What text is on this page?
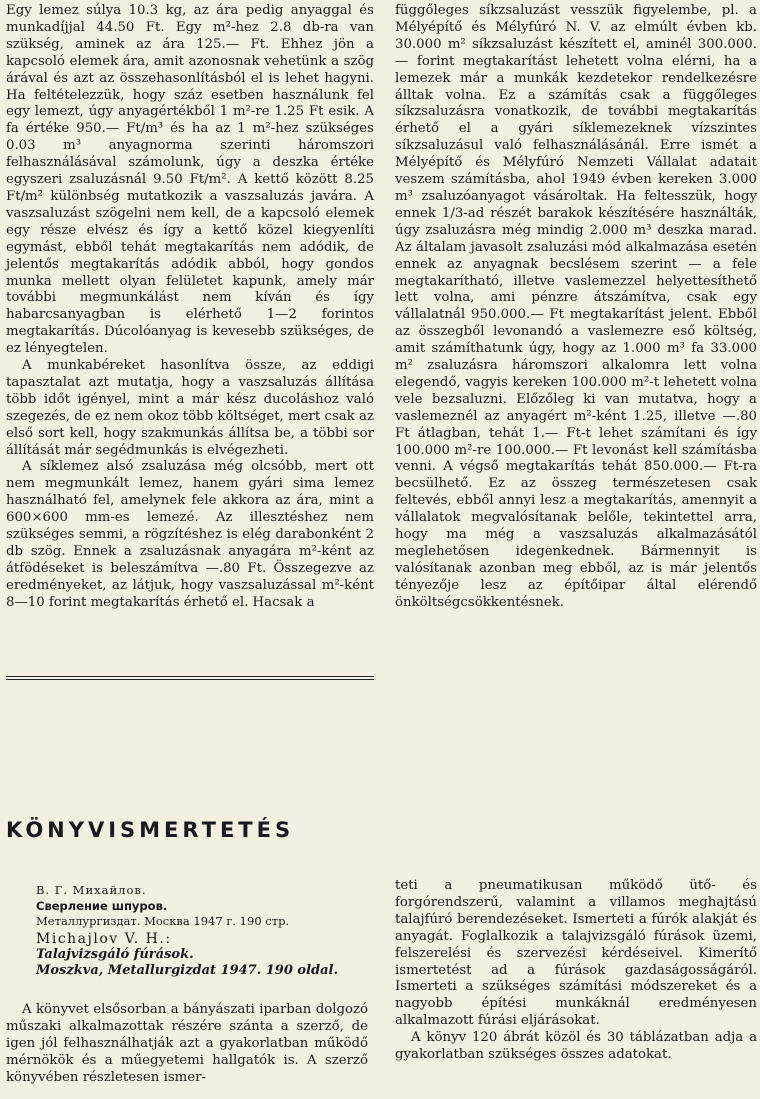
Egy lemez súlya 10.3 kg, az ára pedig anyaggal és munkadíjjal 44.50 Ft. Egy m²-hez 2.8 db-ra van szükség, aminek az ára 125.— Ft. Ehhez jön a kapcsoló elemek ára, amit azonosnak vehetünk a szög árával és azt az összehasonlításból el is lehet hagyni. Ha feltételezzük, hogy száz esetben használunk fel egy lemezt, úgy anyagértékből 1 m²-re 1.25 Ft esik. A fa értéke 950.— Ft/m³ és ha az 1 m²-hez szükséges 0.03 m³ anyagnorma szerinti háromszori felhasználásával számolunk, úgy a deszka értéke egyszeri zsaluzásnál 9.50 Ft/m². A kettő között 8.25 Ft/m² különbség mutatkozik a vaszsaluzás javára. A vaszsaluzást szögelni nem kell, de a kapcsoló elemek egy része elvész és így a kettő közel kiegyenlíti egymást, ebből tehát megtakarítás nem adódik, de jelentős megtakarítás adódik abból, hogy gondos munka mellett olyan felületet kapunk, amely már további megmunkálást nem kíván és így habarcsanyagban is elérhető 1—2 forintos megtakarítás. Dúcolóanyag is kevesebb szükséges, de ez lényegtelen.

A munkabéreket hasonlítva össze, az eddigi tapasztalat azt mutatja, hogy a vaszsaluzás állítása több időt igényel, mint a már kész ducoláshoz való szegezés, de ez nem okoz több költséget, mert csak az első sort kell, hogy szakmunkás állítsa be, a többi sor állítását már segédmunkás is elvégezheti.

A síklemez alsó zsaluzása még olcsóbb, mert ott nem megmunkált lemez, hanem gyári sima lemez használható fel, amelynek fele akkora az ára, mint a 600×600 mm-es lemezé. Az illesztéshez nem szükséges semmi, a rögzítéshez is elég darabonként 2 db szög. Ennek a zsaluzásnak anyagára m²-ként az átfödéseket is beleszámítva —.80 Ft. Összegezve az eredményeket, az látjuk, hogy vaszsaluzással m²-ként 8—10 forint megtakarítás érhető el. Hacsak a

függőleges síkzsaluzást vesszük figyelembe, pl. a Mélyépítő és Mélyfúró N. V. az elmúlt évben kb. 30.000 m² síkzsaluzást készített el, aminél 300.000.— forint megtakarítást lehetett volna elérni, ha a lemezek már a munkák kezdetekor rendelkezésre álltak volna. Ez a számítás csak a függőleges síkzsaluzásra vonatkozik, de további megtakarítás érhető el a gyári síklemezeknek vízszintes síkzsaluzásul való felhasználásánál. Erre ismét a Mélyépítő és Mélyfúró Nemzeti Vállalat adatait veszem számításba, ahol 1949 évben kereken 3.000 m³ zsaluzóanyagot vásároltak. Ha feltesszük, hogy ennek 1/3-ad részét barakok készítésére használták, úgy zsaluzásra még mindig 2.000 m³ deszka marad. Az általam javasolt zsaluzási mód alkalmazása esetén ennek az anyagnak becslésem szerint — a fele megtakarítható, illetve vaslemezzel helyettesíthető lett volna, ami pénzre átszámítva, csak egy vállalatnál 950.000.— Ft megtakarítást jelent. Ebből az összegből levonandó a vaslemezre eső költség, amit számíthatunk úgy, hogy az 1.000 m³ fa 33.000 m² zsaluzásra háromszori alkalomra lett volna elegendő, vagyis kereken 100.000 m²-t lehetett volna vele bezsaluzni. Előzőleg ki van mutatva, hogy a vaslemeznél az anyagért m²-ként 1.25, illetve —.80 Ft átlagban, tehát 1.— Ft-t lehet számítani és így 100.000 m²-re 100.000.— Ft levonást kell számításba venni. A végső megtakarítás tehát 850.000.— Ft-ra becsülhető. Ez az összeg természetesen csak feltevés, ebből annyi lesz a megtakarítás, amennyit a vállalatok megvalósítanak belőle, tekintettel arra, hogy ma még a vaszsaluzás alkalmazásától meglehetősen idegenkednek. Bármennyit is valósítanak azonban meg ebből, az is már jelentős tényezője lesz az építőipar által elérendő önköltségcsökkentésnek.

KÖNYVISMERTETÉS
В. Г. Михайлов.
Сверление шпуров.
Металлургиздат. Москва 1947 г. 190 стр.
Michajlov V. H.:
Talajvizsgáló fúrások.
Moszkva, Metallurgizdat 1947. 190 oldal.

A könyvet elsősorban a bányászati iparban dolgozó műszaki alkalmazottak részére szánta a szerző, de igen jól felhasználhatják azt a gyakorlatban működő mérnökök és a műegyetemi hallgatók is. A szerző könyvében részletesen ismer-

teti a pneumatikusan működő ütő- és forgórendszerű, valamint a villamos meghajtású talajfúró berendezéseket. Ismerteti a fúrók alakját és anyagát. Foglalkozik a talajvizsgáló fúrások üzemi, felszerelési és szervezési kérdéseivel. Kimerítő ismertetést ad a fúrások gazdaságosságáról. Ismerteti a szükséges számítási módszereket és a nagyobb építési munkáknál eredményesen alkalmazott fúrási eljárásokat.

A könyv 120 ábrát közöl és 30 táblázatban adja a gyakorlatban szükséges összes adatokat.
